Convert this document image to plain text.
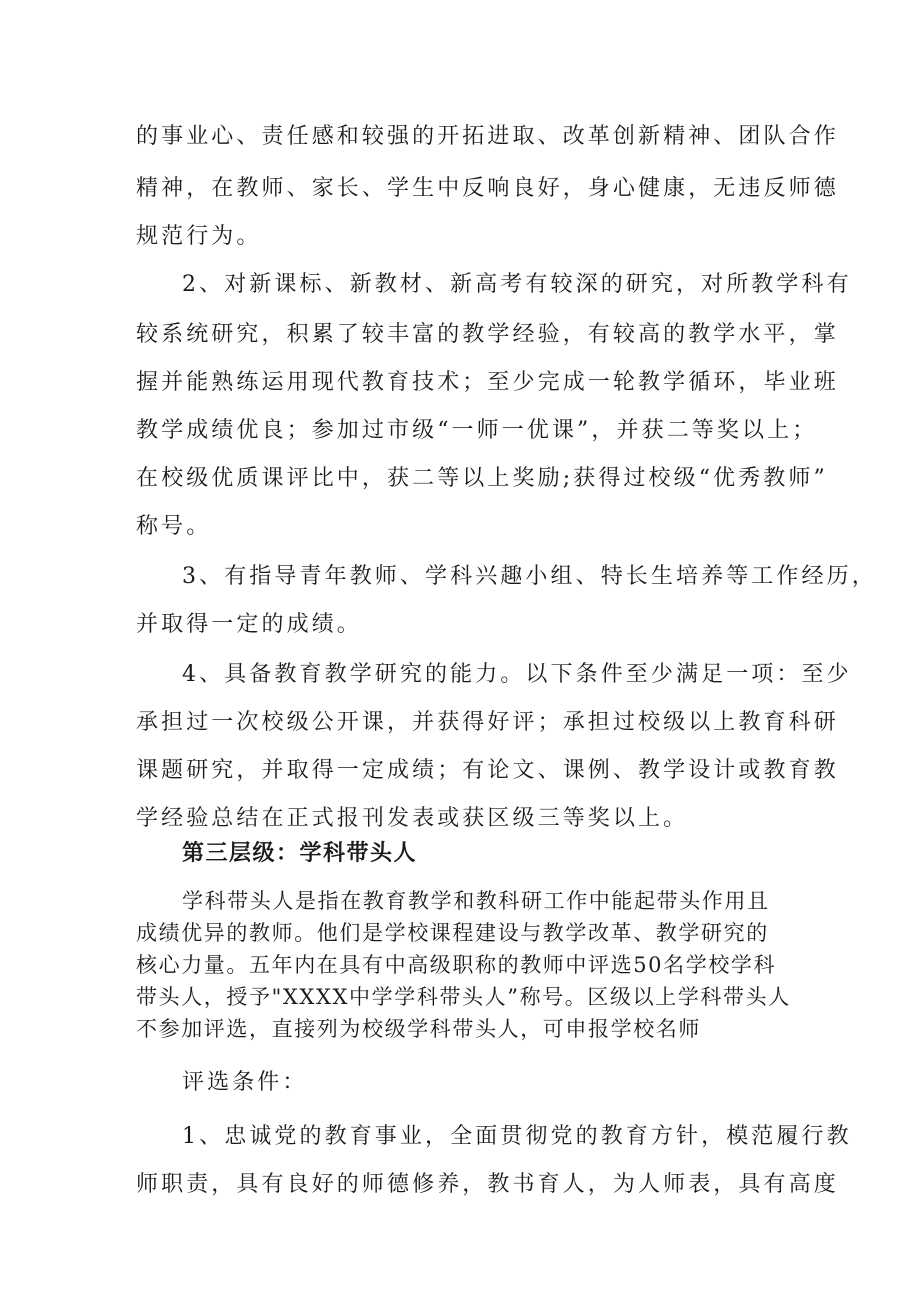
的事业心、责任感和较强的开拓进取、改革创新精神、团队合作
精神，在教师、家长、学生中反响良好，身心健康，无违反师德
规范行为。
2、对新课标、新教材、新高考有较深的研究，对所教学科有
较系统研究，积累了较丰富的教学经验，有较高的教学水平，掌
握并能熟练运用现代教育技术；至少完成一轮教学循环，毕业班
教学成绩优良；参加过市级“一师一优课”，并获二等奖以上；
在校级优质课评比中，获二等以上奖励;获得过校级“优秀教师”
称号。
3、有指导青年教师、学科兴趣小组、特长生培养等工作经历，
并取得一定的成绩。
4、具备教育教学研究的能力。以下条件至少满足一项：至少
承担过一次校级公开课，并获得好评；承担过校级以上教育科研
课题研究，并取得一定成绩；有论文、课例、教学设计或教育教
学经验总结在正式报刊发表或获区级三等奖以上。
第三层级：学科带头人
学科带头人是指在教育教学和教科研工作中能起带头作用且
成绩优异的教师。他们是学校课程建设与教学改革、教学研究的
核心力量。五年内在具有中高级职称的教师中评选50名学校学科
带头人，授予"XXXX中学学科带头人”称号。区级以上学科带头人
不参加评选，直接列为校级学科带头人，可申报学校名师
评选条件：
1、忠诚党的教育事业，全面贯彻党的教育方针，模范履行教
师职责，具有良好的师德修养，教书育人，为人师表，具有高度
